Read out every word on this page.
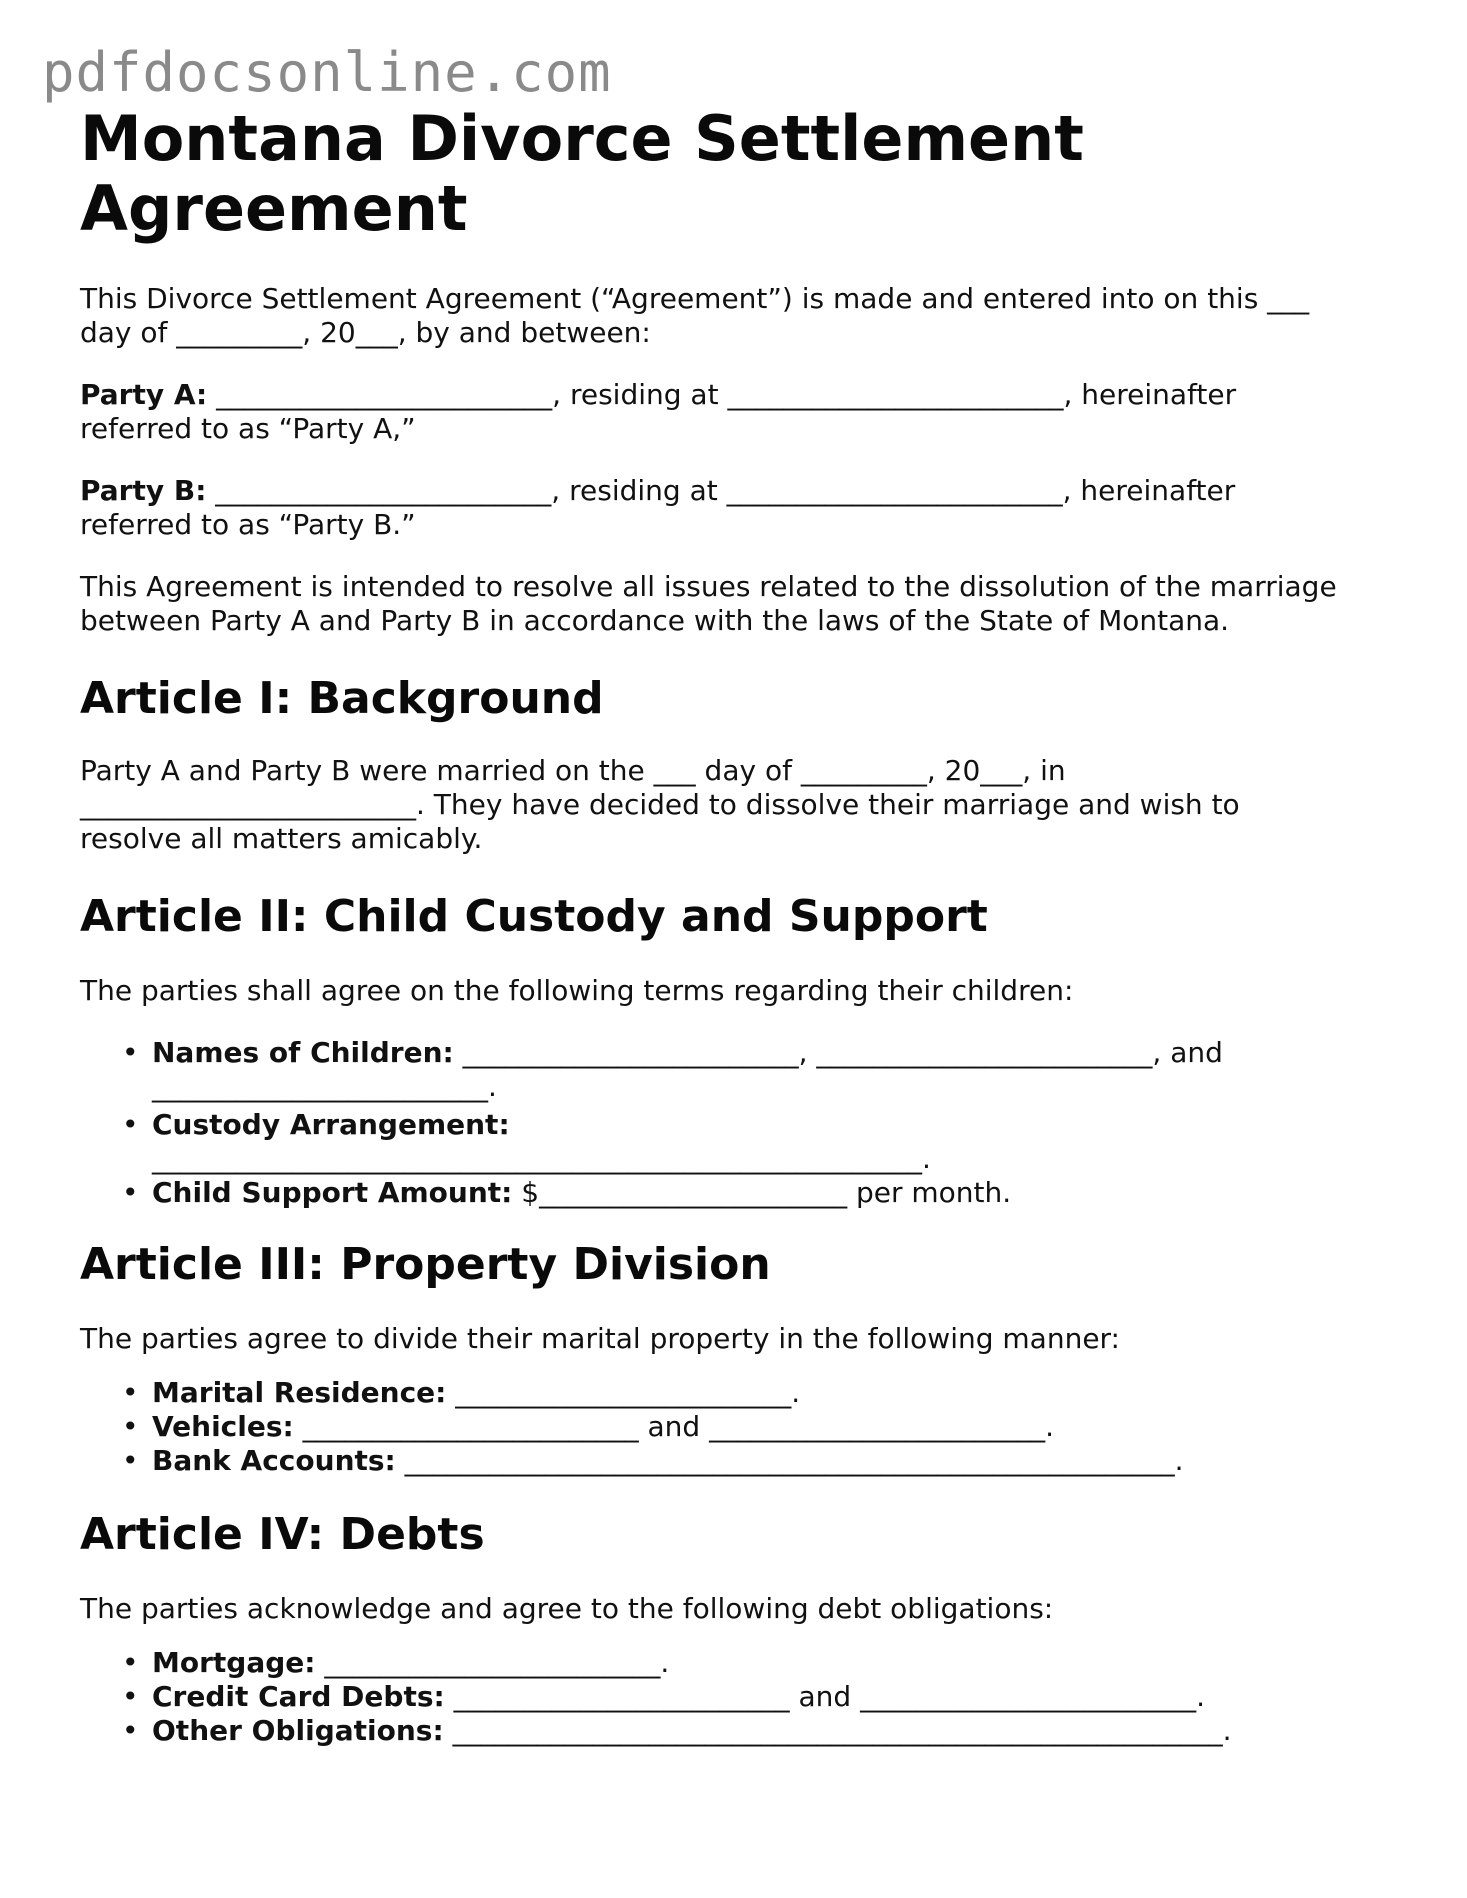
pdfdocsonline.com
Montana Divorce Settlement
Agreement

This Divorce Settlement Agreement (“Agreement”) is made and entered into on this ___
day of _________, 20___, by and between:

Party A: ________________________, residing at ________________________, hereinafter
referred to as “Party A,”

Party B: ________________________, residing at ________________________, hereinafter
referred to as “Party B.”

This Agreement is intended to resolve all issues related to the dissolution of the marriage
between Party A and Party B in accordance with the laws of the State of Montana.

Article I: Background

Party A and Party B were married on the ___ day of _________, 20___, in
________________________. They have decided to dissolve their marriage and wish to
resolve all matters amicably.

Article II: Child Custody and Support

The parties shall agree on the following terms regarding their children:

• Names of Children: ________________________, ________________________, and
________________________.
• Custody Arrangement:
_______________________________________________________.
• Child Support Amount: $______________________ per month.
Article III: Property Division

The parties agree to divide their marital property in the following manner:

• Marital Residence: ________________________.
• Vehicles: ________________________ and ________________________.
• Bank Accounts: _______________________________________________________.
Article IV: Debts

The parties acknowledge and agree to the following debt obligations:

• Mortgage: ________________________.
• Credit Card Debts: ________________________ and ________________________.
• Other Obligations: _______________________________________________________.
